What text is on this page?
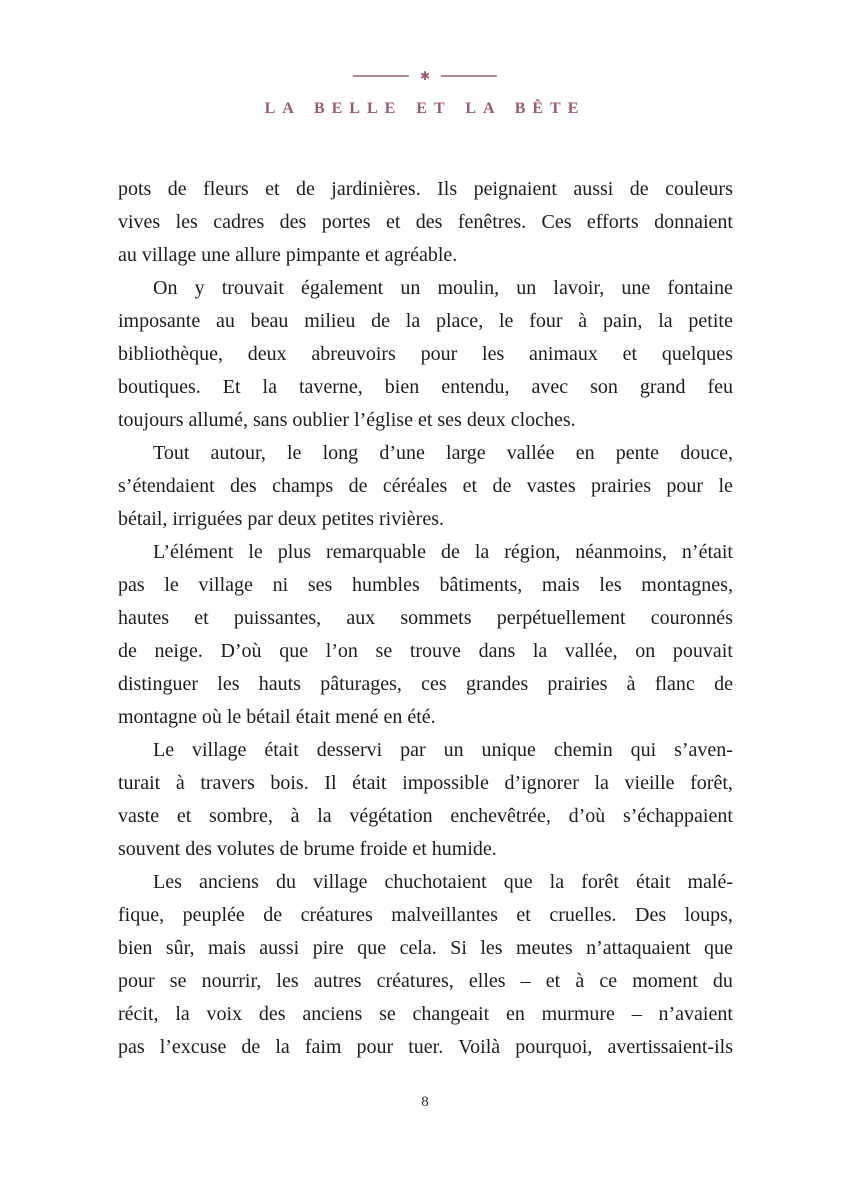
✱
LA BELLE ET LA BÊTE
pots de fleurs et de jardinières. Ils peignaient aussi de couleurs
vives les cadres des portes et des fenêtres. Ces efforts donnaient
au village une allure pimpante et agréable.
On y trouvait également un moulin, un lavoir, une fontaine
imposante au beau milieu de la place, le four à pain, la petite
bibliothèque, deux abreuvoirs pour les animaux et quelques
boutiques. Et la taverne, bien entendu, avec son grand feu
toujours allumé, sans oublier l’église et ses deux cloches.
Tout autour, le long d’une large vallée en pente douce,
s’étendaient des champs de céréales et de vastes prairies pour le
bétail, irriguées par deux petites rivières.
L’élément le plus remarquable de la région, néanmoins, n’était
pas le village ni ses humbles bâtiments, mais les montagnes,
hautes et puissantes, aux sommets perpétuellement couronnés
de neige. D’où que l’on se trouve dans la vallée, on pouvait
distinguer les hauts pâturages, ces grandes prairies à flanc de
montagne où le bétail était mené en été.
Le village était desservi par un unique chemin qui s’aven-
turait à travers bois. Il était impossible d’ignorer la vieille forêt,
vaste et sombre, à la végétation enchevêtrée, d’où s’échappaient
souvent des volutes de brume froide et humide.
Les anciens du village chuchotaient que la forêt était malé-
fique, peuplée de créatures malveillantes et cruelles. Des loups,
bien sûr, mais aussi pire que cela. Si les meutes n’attaquaient que
pour se nourrir, les autres créatures, elles – et à ce moment du
récit, la voix des anciens se changeait en murmure – n’avaient
pas l’excuse de la faim pour tuer. Voilà pourquoi, avertissaient-ils
8
